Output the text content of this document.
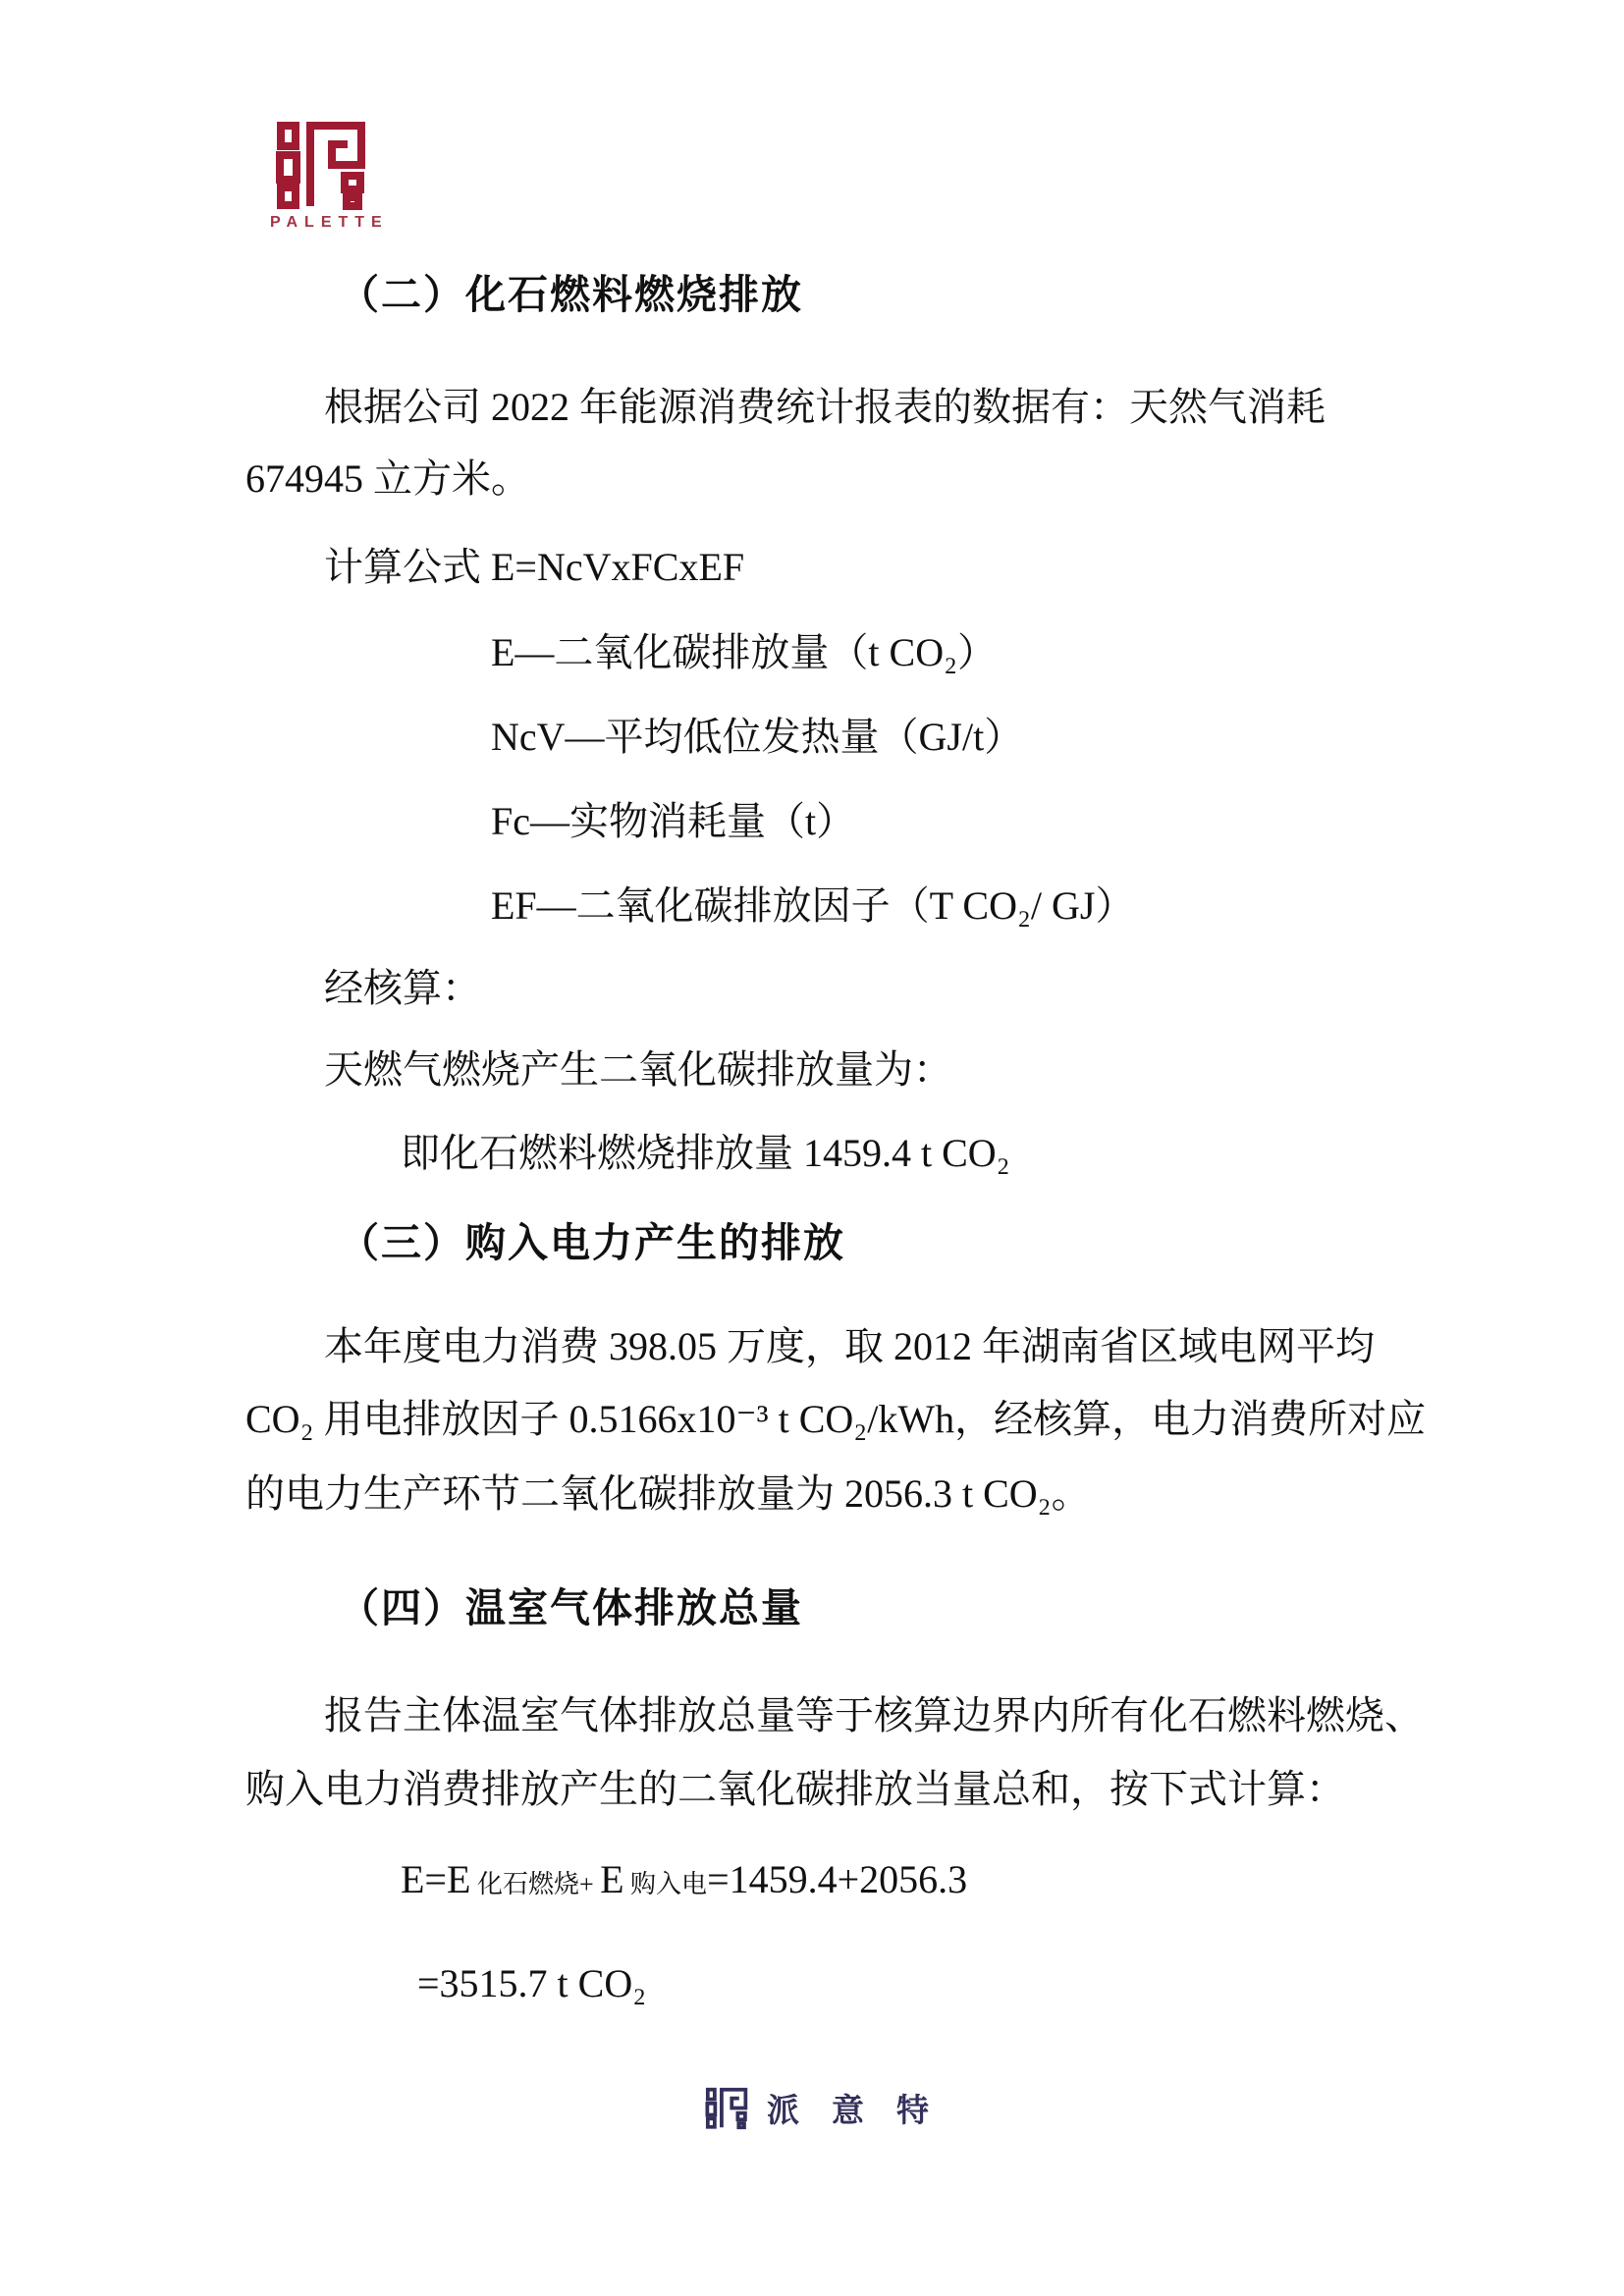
PALETTE
（二）化石燃料燃烧排放

根据公司 2022 年能源消费统计报表的数据有：天然气消耗

674945 立方米。

计算公式 E=NcVxFCxEF

E—二氧化碳排放量（t CO₂）

NcV—平均低位发热量（GJ/t）

Fc—实物消耗量（t）

EF—二氧化碳排放因子（T CO₂/ GJ）

经核算：

天燃气燃烧产生二氧化碳排放量为：

即化石燃料燃烧排放量 1459.4 t CO₂

（三）购入电力产生的排放

本年度电力消费 398.05 万度，取 2012 年湖南省区域电网平均

CO₂ 用电排放因子 0.5166x10⁻³ t CO₂/kWh，经核算，电力消费所对应

的电力生产环节二氧化碳排放量为 2056.3 t CO₂。

（四）温室气体排放总量

报告主体温室气体排放总量等于核算边界内所有化石燃料燃烧、

购入电力消费排放产生的二氧化碳排放当量总和，按下式计算：

E=E 化石燃烧+ E 购入电=1459.4+2056.3

=3515.7 t CO₂

派意特
